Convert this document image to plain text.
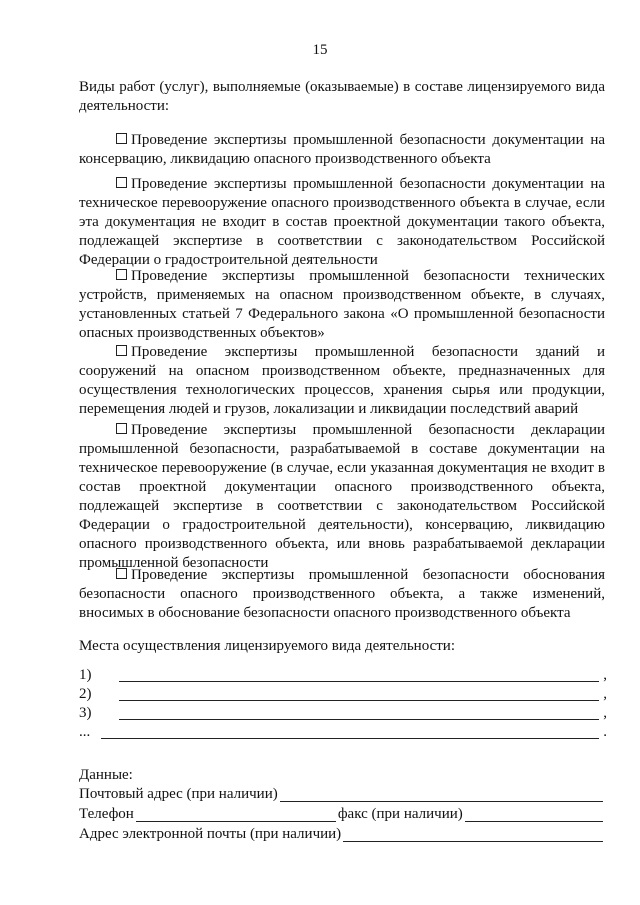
15
Виды работ (услуг), выполняемые (оказываемые) в составе лицензируемого вида деятельности:
Проведение экспертизы промышленной безопасности документации на консервацию, ликвидацию опасного производственного объекта
Проведение экспертизы промышленной безопасности документации на техническое перевооружение опасного производственного объекта в случае, если эта документация не входит в состав проектной документации такого объекта, подлежащей экспертизе в соответствии с законодательством Российской Федерации о градостроительной деятельности
Проведение экспертизы промышленной безопасности технических устройств, применяемых на опасном производственном объекте, в случаях, установленных статьей 7 Федерального закона «О промышленной безопасности опасных производственных объектов»
Проведение экспертизы промышленной безопасности зданий и сооружений на опасном производственном объекте, предназначенных для осуществления технологических процессов, хранения сырья или продукции, перемещения людей и грузов, локализации и ликвидации последствий аварий
Проведение экспертизы промышленной безопасности декларации промышленной безопасности, разрабатываемой в составе документации на техническое перевооружение (в случае, если указанная документация не входит в состав проектной документации опасного производственного объекта, подлежащей экспертизе в соответствии с законодательством Российской Федерации о градостроительной деятельности), консервацию, ликвидацию опасного производственного объекта, или вновь разрабатываемой декларации промышленной безопасности
Проведение экспертизы промышленной безопасности обоснования безопасности опасного производственного объекта, а также изменений, вносимых в обоснование безопасности опасного производственного объекта
Места осуществления лицензируемого вида деятельности:
1)	,
2)	,
3)	,
...	.
Данные:
Почтовый адрес (при наличии)
Телефон	факс (при наличии)
Адрес электронной почты (при наличии)
